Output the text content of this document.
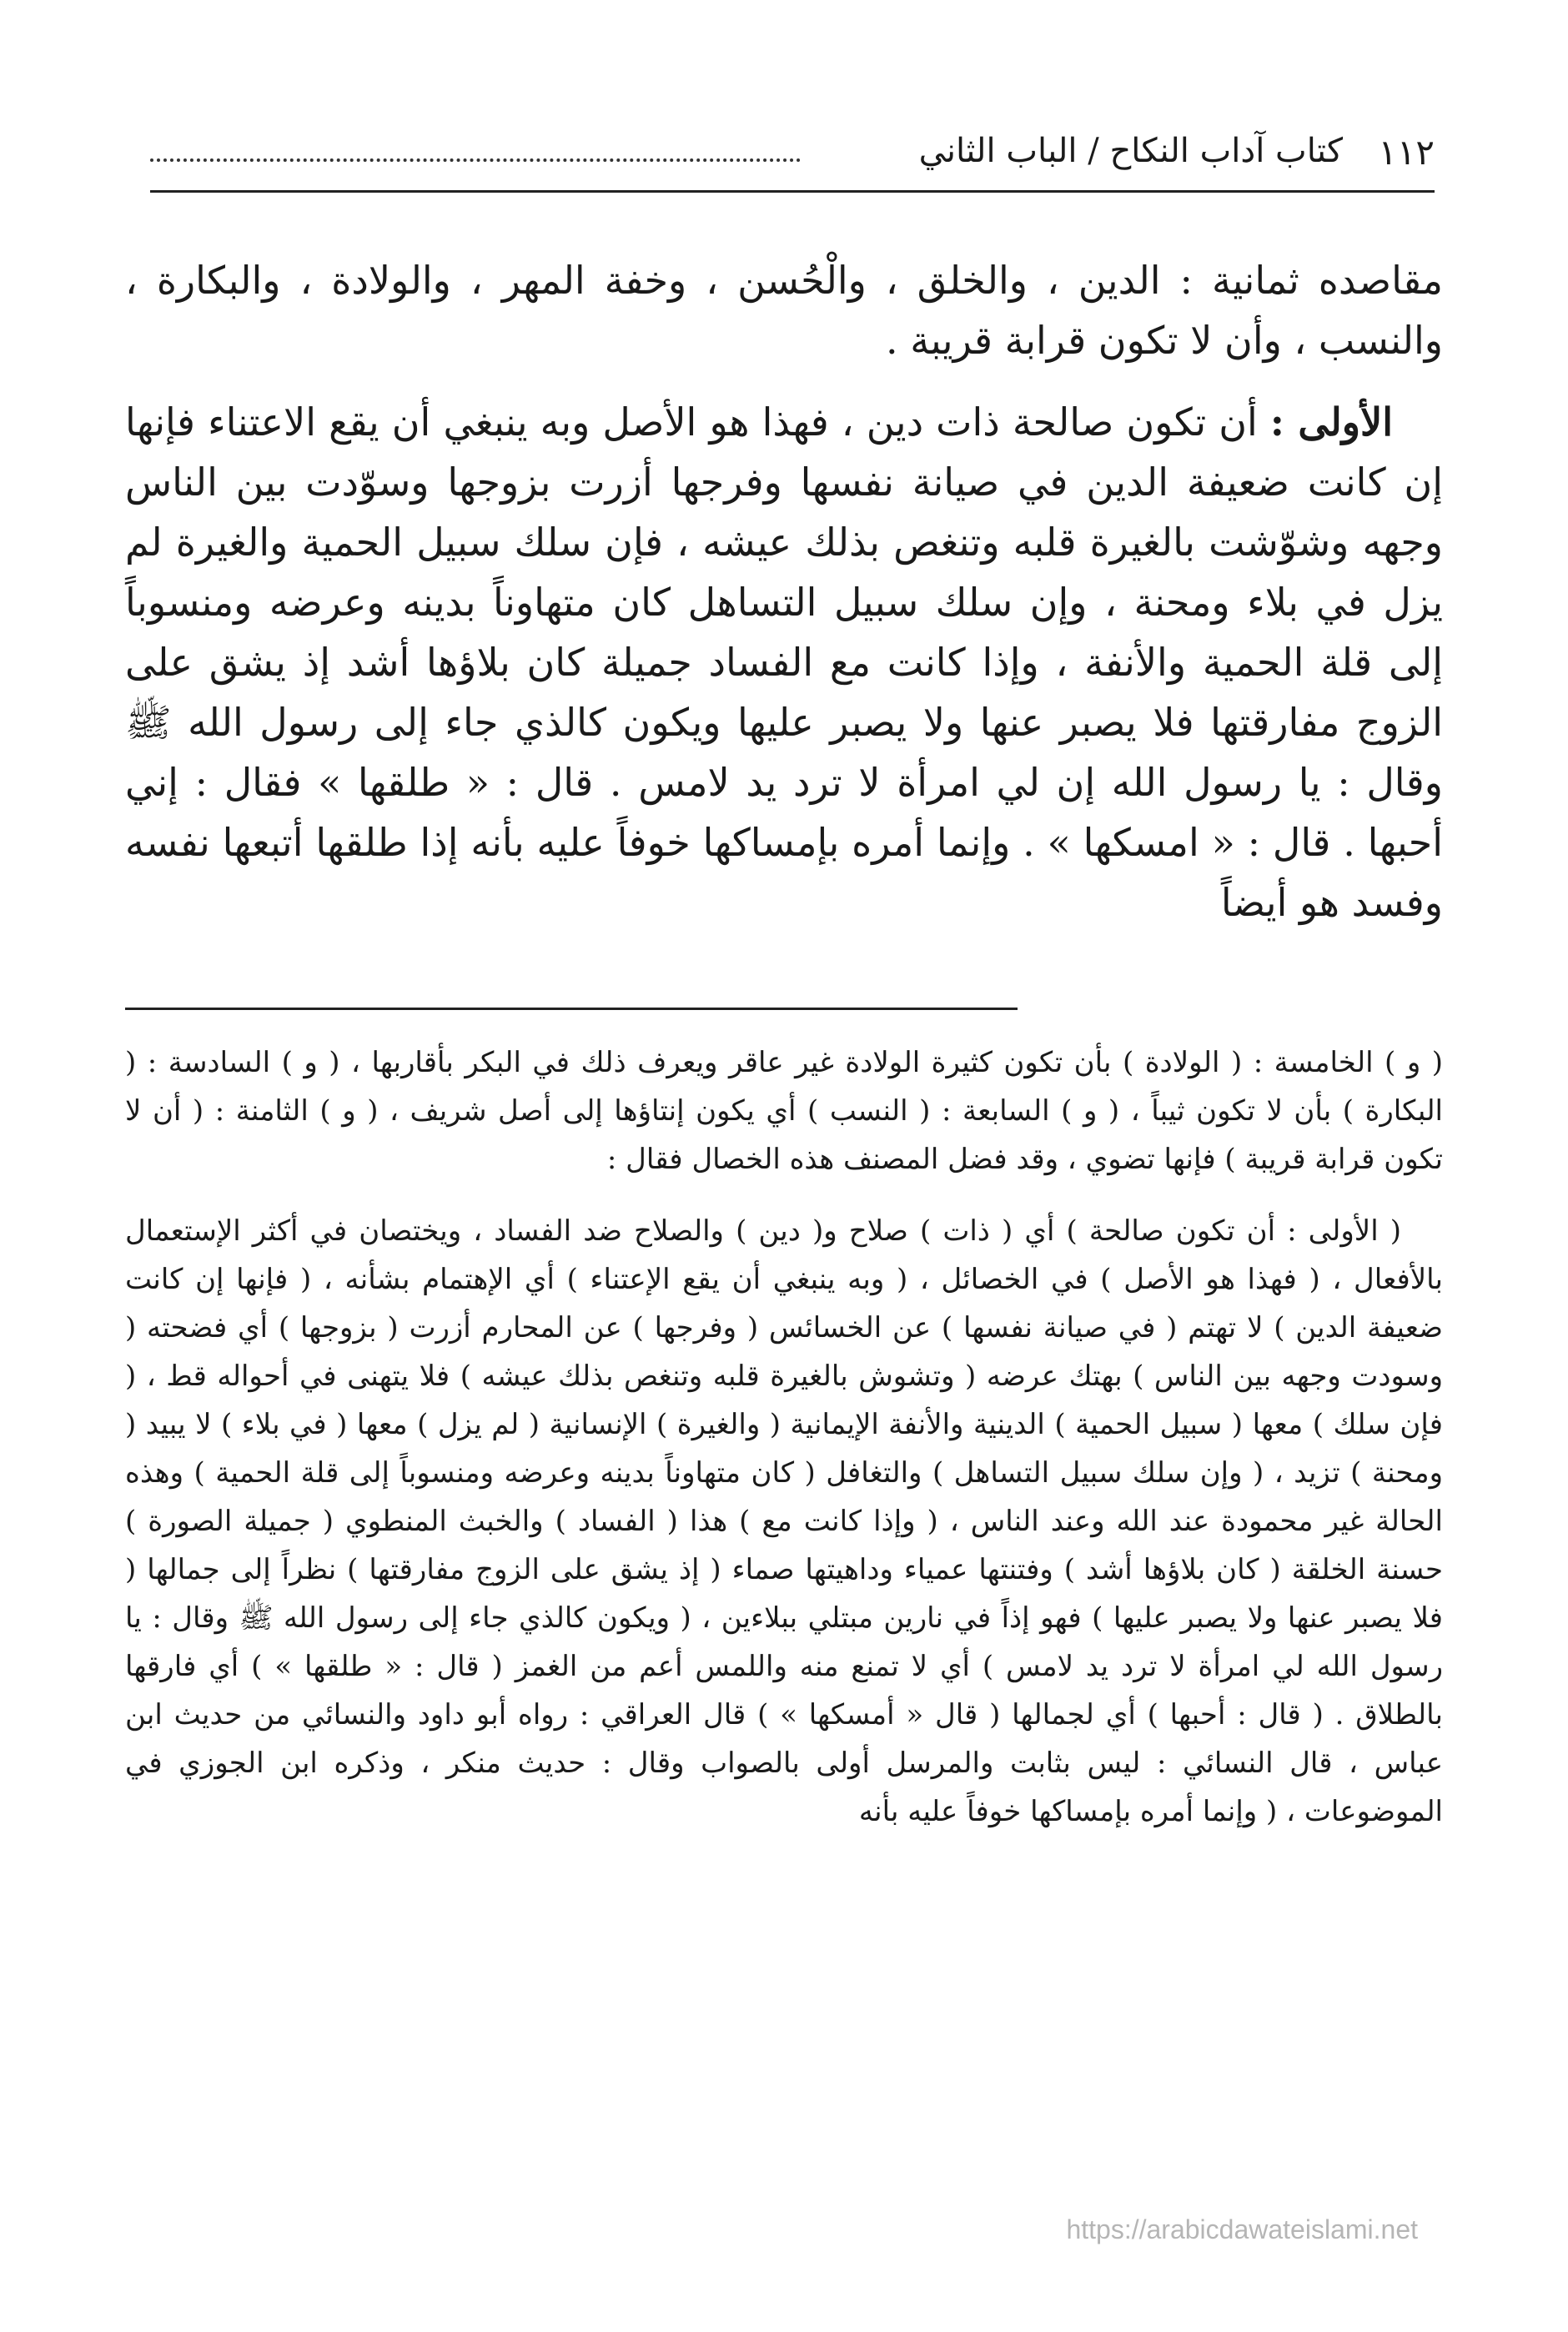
١١٢
كتاب آداب النكاح / الباب الثاني

مقاصده ثمانية : الدين ، والخلق ، والْحُسن ، وخفة المهر ، والولادة ، والبكارة ، والنسب ، وأن لا تكون قرابة قريبة .

الأولى : أن تكون صالحة ذات دين ، فهذا هو الأصل وبه ينبغي أن يقع الاعتناء فإنها إن كانت ضعيفة الدين في صيانة نفسها وفرجها أزرت بزوجها وسوّدت بين الناس وجهه وشوّشت بالغيرة قلبه وتنغص بذلك عيشه ، فإن سلك سبيل الحمية والغيرة لم يزل في بلاء ومحنة ، وإن سلك سبيل التساهل كان متهاوناً بدينه وعرضه ومنسوباً إلى قلة الحمية والأنفة ، وإذا كانت مع الفساد جميلة كان بلاؤها أشد إذ يشق على الزوج مفارقتها فلا يصبر عنها ولا يصبر عليها ويكون كالذي جاء إلى رسول الله ﷺ وقال : يا رسول الله إن لي امرأة لا ترد يد لامس . قال : « طلقها » فقال : إني أحبها . قال : « امسكها » . وإنما أمره بإمساكها خوفاً عليه بأنه إذا طلقها أتبعها نفسه وفسد هو أيضاً

( و ) الخامسة : ( الولادة ) بأن تكون كثيرة الولادة غير عاقر ويعرف ذلك في البكر بأقاربها ، ( و ) السادسة : ( البكارة ) بأن لا تكون ثيباً ، ( و ) السابعة : ( النسب ) أي يكون إنتاؤها إلى أصل شريف ، ( و ) الثامنة : ( أن لا تكون قرابة قريبة ) فإنها تضوي ، وقد فضل المصنف هذه الخصال فقال :

( الأولى : أن تكون صالحة ) أي ( ذات ) صلاح و( دين ) والصلاح ضد الفساد ، ويختصان في أكثر الإستعمال بالأفعال ، ( فهذا هو الأصل ) في الخصائل ، ( وبه ينبغي أن يقع الإعتناء ) أي الإهتمام بشأنه ، ( فإنها إن كانت ضعيفة الدين ) لا تهتم ( في صيانة نفسها ) عن الخسائس ( وفرجها ) عن المحارم أزرت ( بزوجها ) أي فضحته ( وسودت وجهه بين الناس ) بهتك عرضه ( وتشوش بالغيرة قلبه وتنغص بذلك عيشه ) فلا يتهنى في أحواله قط ، ( فإن سلك ) معها ( سبيل الحمية ) الدينية والأنفة الإيمانية ( والغيرة ) الإنسانية ( لم يزل ) معها ( في بلاء ) لا يبيد ( ومحنة ) تزيد ، ( وإن سلك سبيل التساهل ) والتغافل ( كان متهاوناً بدينه وعرضه ومنسوباً إلى قلة الحمية ) وهذه الحالة غير محمودة عند الله وعند الناس ، ( وإذا كانت مع ) هذا ( الفساد ) والخبث المنطوي ( جميلة الصورة ) حسنة الخلقة ( كان بلاؤها أشد ) وفتنتها عمياء وداهيتها صماء ( إذ يشق على الزوج مفارقتها ) نظراً إلى جمالها ( فلا يصبر عنها ولا يصبر عليها ) فهو إذاً في نارين مبتلي ببلاءين ، ( ويكون كالذي جاء إلى رسول الله ﷺ وقال : يا رسول الله لي امرأة لا ترد يد لامس ) أي لا تمنع منه واللمس أعم من الغمز ( قال : « طلقها » ) أي فارقها بالطلاق . ( قال : أحبها ) أي لجمالها ( قال « أمسكها » ) قال العراقي : رواه أبو داود والنسائي من حديث ابن عباس ، قال النسائي : ليس بثابت والمرسل أولى بالصواب وقال : حديث منكر ، وذكره ابن الجوزي في الموضوعات ، ( وإنما أمره بإمساكها خوفاً عليه بأنه

https://arabicdawateislami.net
